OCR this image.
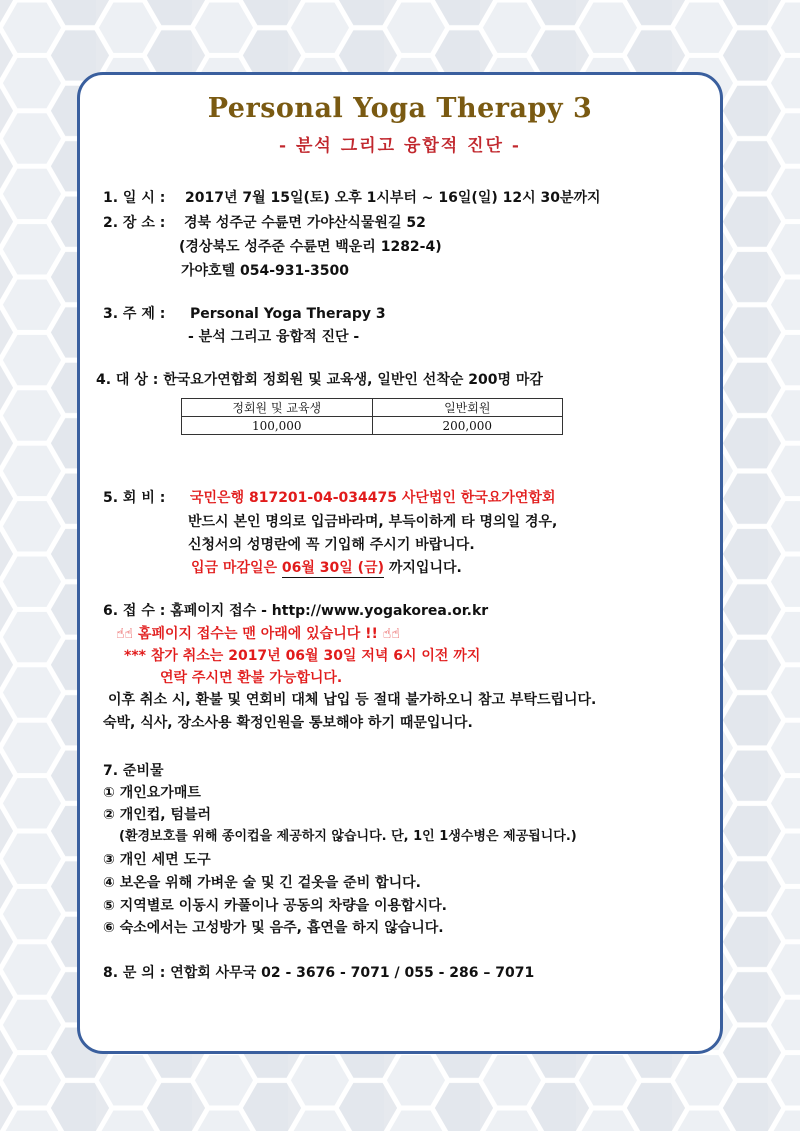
Personal Yoga Therapy 3
- 분석 그리고 융합적 진단 -
1. 일 시 : 2017년 7월 15일(토) 오후 1시부터 ~ 16일(일) 12시 30분까지
2. 장 소 : 경북 성주군 수륜면 가야산식물원길 52
(경상북도 성주준 수륜면 백운리 1282-4)
가야호텔 054-931-3500
3. 주 제 : Personal Yoga Therapy 3
- 분석 그리고 융합적 진단 -
4. 대 상 : 한국요가연합회 정회원 및 교육생, 일반인 선착순 200명 마감
정회원 및 교육생	일반회원
100,000	200,000
5. 회 비 : 국민은행 817201-04-034475 사단법인 한국요가연합회
반드시 본인 명의로 입금바라며, 부득이하게 타 명의일 경우,
신청서의 성명란에 꼭 기입해 주시기 바랍니다.
입금 마감일은 06월 30일 (금) 까지입니다.
6. 접 수 : 홈페이지 접수 - http://www.yogakorea.or.kr
☝☝ 홈페이지 접수는 맨 아래에 있습니다 !! ☝☝
*** 참가 취소는 2017년 06월 30일 저녁 6시 이전 까지
연락 주시면 환불 가능합니다.
이후 취소 시, 환불 및 연회비 대체 납입 등 절대 불가하오니 참고 부탁드립니다.
숙박, 식사, 장소사용 확정인원을 통보해야 하기 때문입니다.
7. 준비물
① 개인요가매트
② 개인컵, 텀블러
(환경보호를 위해 종이컵을 제공하지 않습니다. 단, 1인 1생수병은 제공됩니다.)
③ 개인 세면 도구
④ 보온을 위해 가벼운 술 및 긴 겉옷을 준비 합니다.
⑤ 지역별로 이동시 카풀이나 공동의 차량을 이용합시다.
⑥ 숙소에서는 고성방가 및 음주, 흡연을 하지 않습니다.
8. 문 의 : 연합회 사무국 02 - 3676 - 7071 / 055 - 286 – 7071
